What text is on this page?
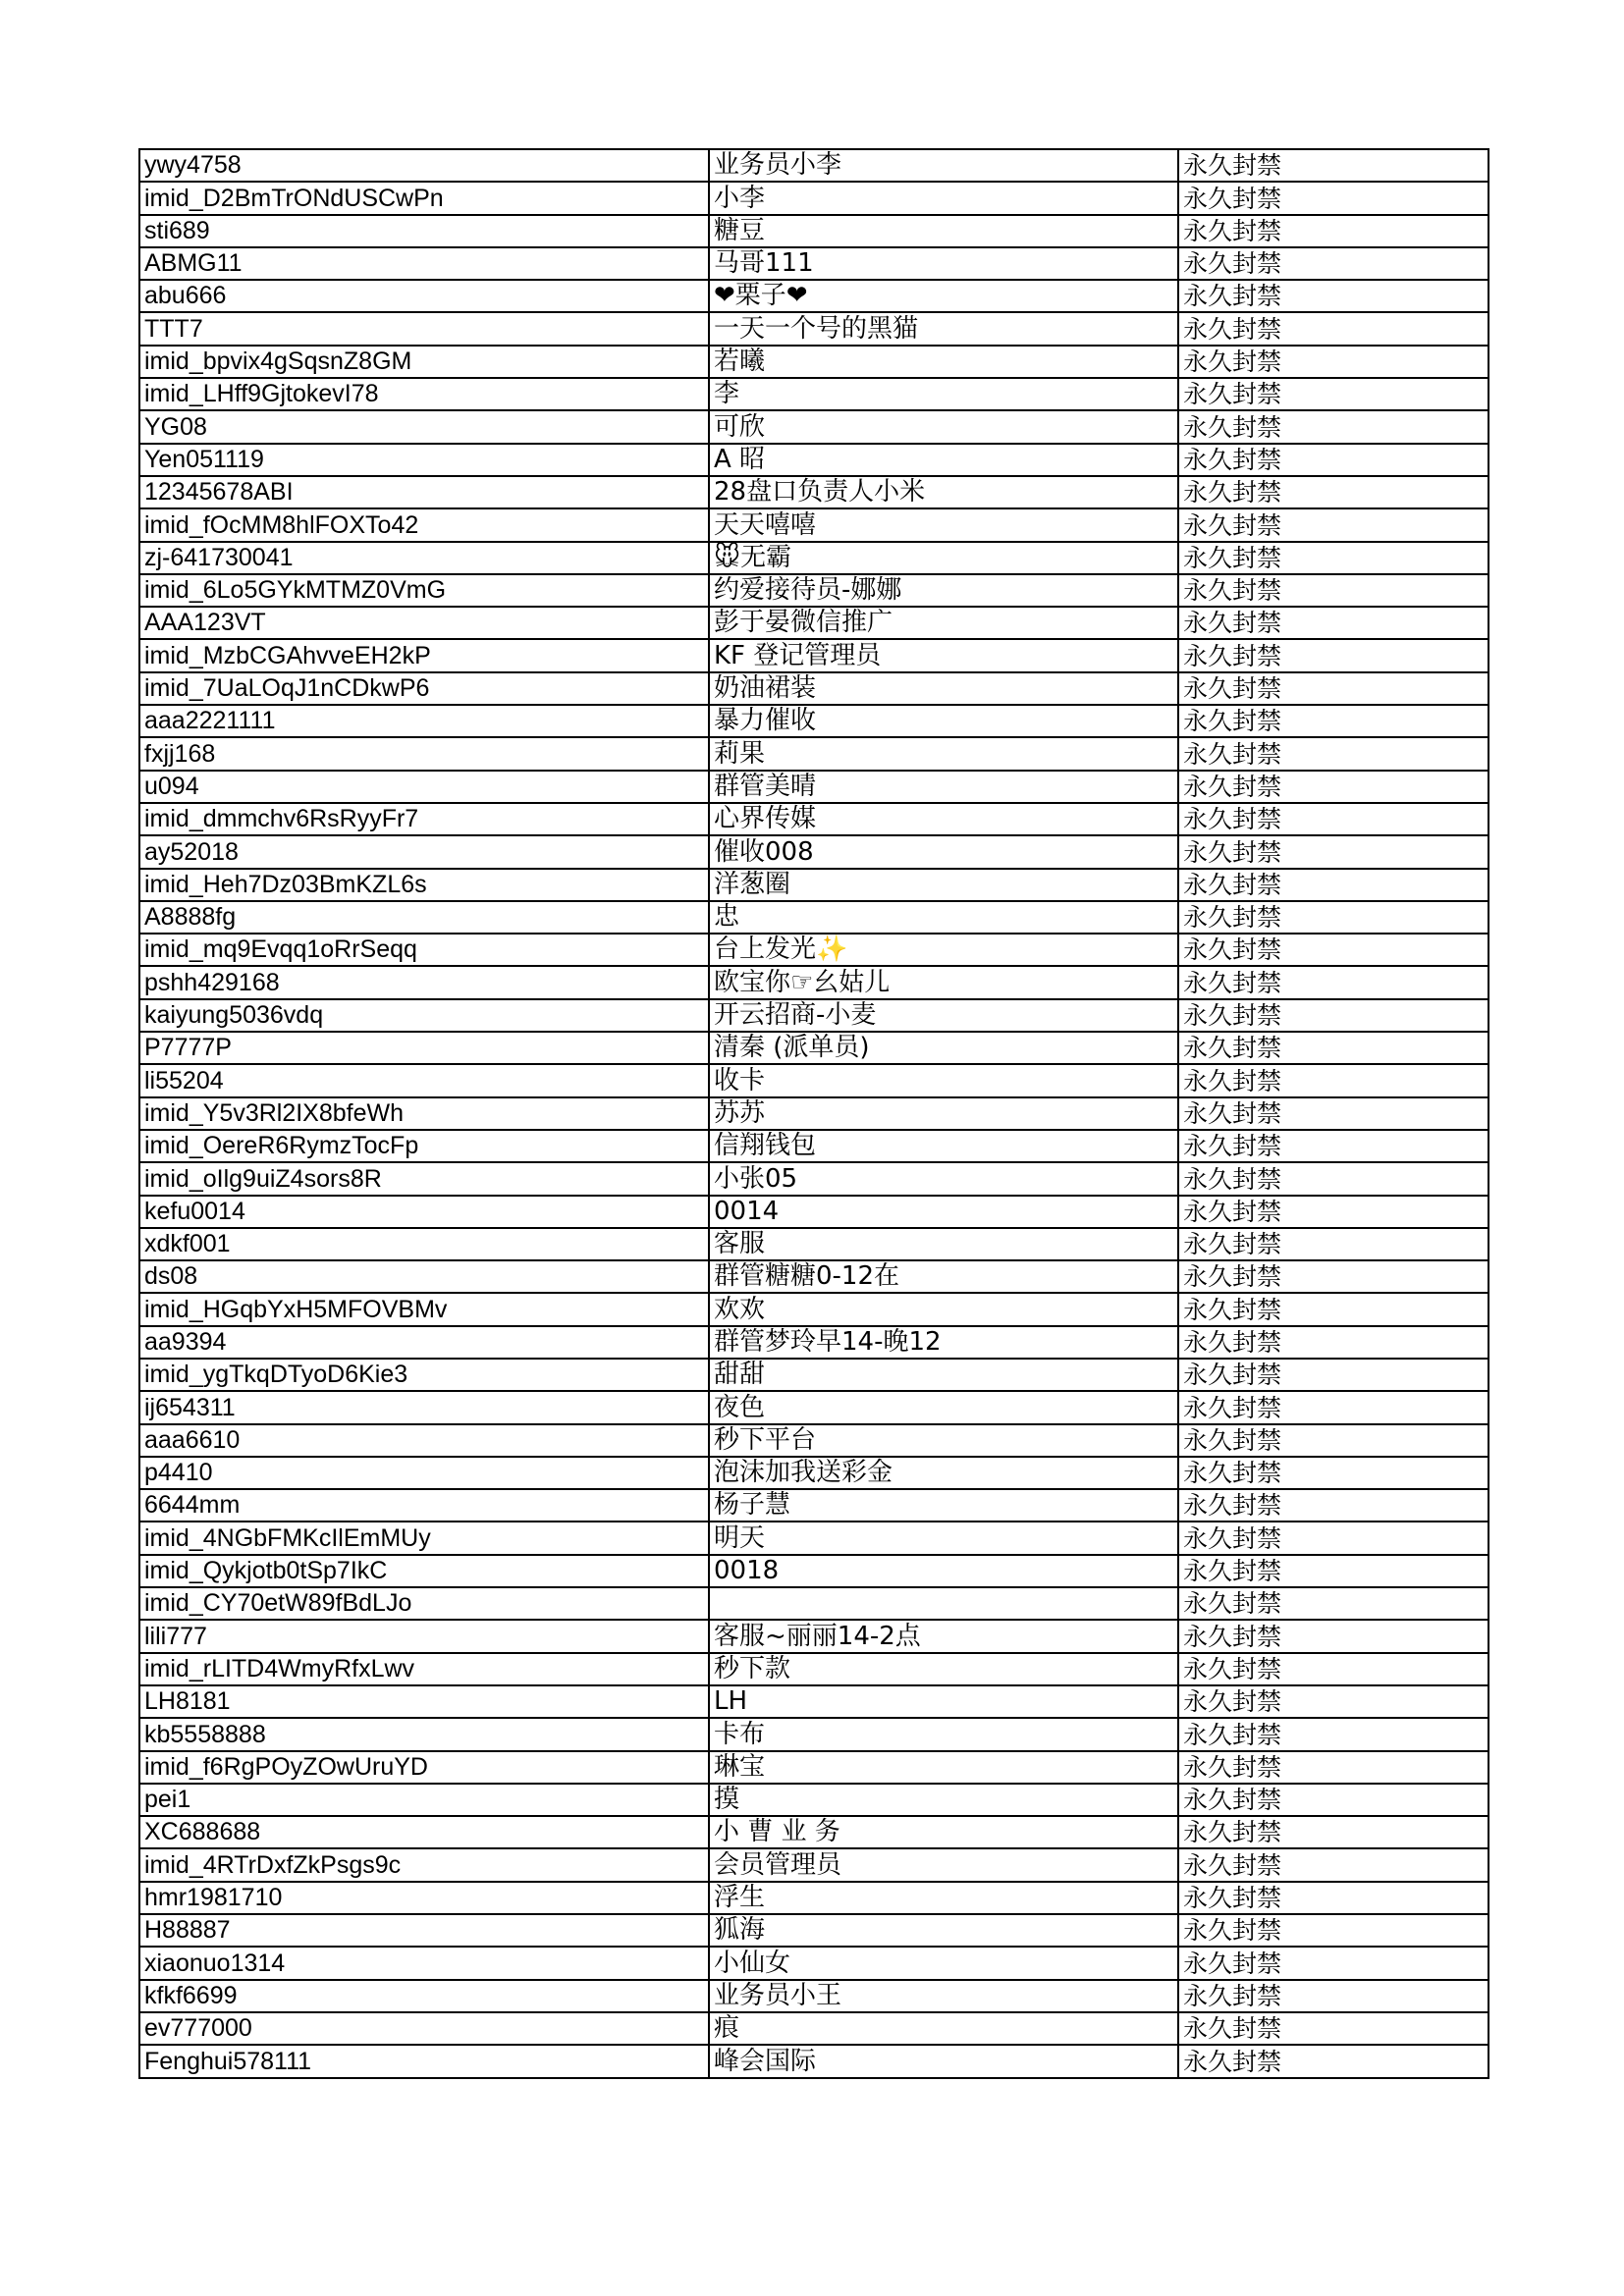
ywy4758	业务员小李	永久封禁
imid_D2BmTrONdUSCwPn	小李	永久封禁
sti689	糖豆	永久封禁
ABMG11	马哥111	永久封禁
abu666	❤栗子❤	永久封禁
TTT7	一天一个号的黑猫	永久封禁
imid_bpvix4gSqsnZ8GM	若曦	永久封禁
imid_LHff9GjtokevI78	李	永久封禁
YG08	可欣	永久封禁
Yen051119	A 昭	永久封禁
12345678ABI	28盘口负责人小米	永久封禁
imid_fOcMM8hlFOXTo42	天天嘻嘻	永久封禁
zj-641730041	🐭无霸	永久封禁
imid_6Lo5GYkMTMZ0VmG	约爱接待员-娜娜	永久封禁
AAA123VT	彭于晏微信推广	永久封禁
imid_MzbCGAhvveEH2kP	KF 登记管理员	永久封禁
imid_7UaLOqJ1nCDkwP6	奶油裙装	永久封禁
aaa2221111	暴力催收	永久封禁
fxjj168	莉果	永久封禁
u094	群管美晴	永久封禁
imid_dmmchv6RsRyyFr7	心界传媒	永久封禁
ay52018	催收008	永久封禁
imid_Heh7Dz03BmKZL6s	洋葱圈	永久封禁
A8888fg	忠	永久封禁
imid_mq9Evqq1oRrSeqq	台上发光✨	永久封禁
pshh429168	欧宝你☞幺姑儿	永久封禁
kaiyung5036vdq	开云招商-小麦	永久封禁
P7777P	清秦 (派单员)	永久封禁
li55204	收卡	永久封禁
imid_Y5v3Rl2IX8bfeWh	苏苏	永久封禁
imid_OereR6RymzTocFp	信翔钱包	永久封禁
imid_oIlg9uiZ4sors8R	小张05	永久封禁
kefu0014	0014	永久封禁
xdkf001	客服	永久封禁
ds08	群管糖糖0-12在	永久封禁
imid_HGqbYxH5MFOVBMv	欢欢	永久封禁
aa9394	群管梦玲早14-晚12	永久封禁
imid_ygTkqDTyoD6Kie3	甜甜	永久封禁
ij654311	夜色	永久封禁
aaa6610	秒下平台	永久封禁
p4410	泡沫加我送彩金	永久封禁
6644mm	杨子慧	永久封禁
imid_4NGbFMKcIlEmMUy	明天	永久封禁
imid_Qykjotb0tSp7IkC	0018	永久封禁
imid_CY70etW89fBdLJo		永久封禁
lili777	客服~丽丽14-2点	永久封禁
imid_rLITD4WmyRfxLwv	秒下款	永久封禁
LH8181	LH	永久封禁
kb5558888	卡布	永久封禁
imid_f6RgPOyZOwUruYD	琳宝	永久封禁
pei1	摸	永久封禁
XC688688	小 曹 业 务	永久封禁
imid_4RTrDxfZkPsgs9c	会员管理员	永久封禁
hmr1981710	浮生	永久封禁
H88887	狐海	永久封禁
xiaonuo1314	小仙女	永久封禁
kfkf6699	业务员小王	永久封禁
ev777000	痕	永久封禁
Fenghui578111	峰会国际	永久封禁
